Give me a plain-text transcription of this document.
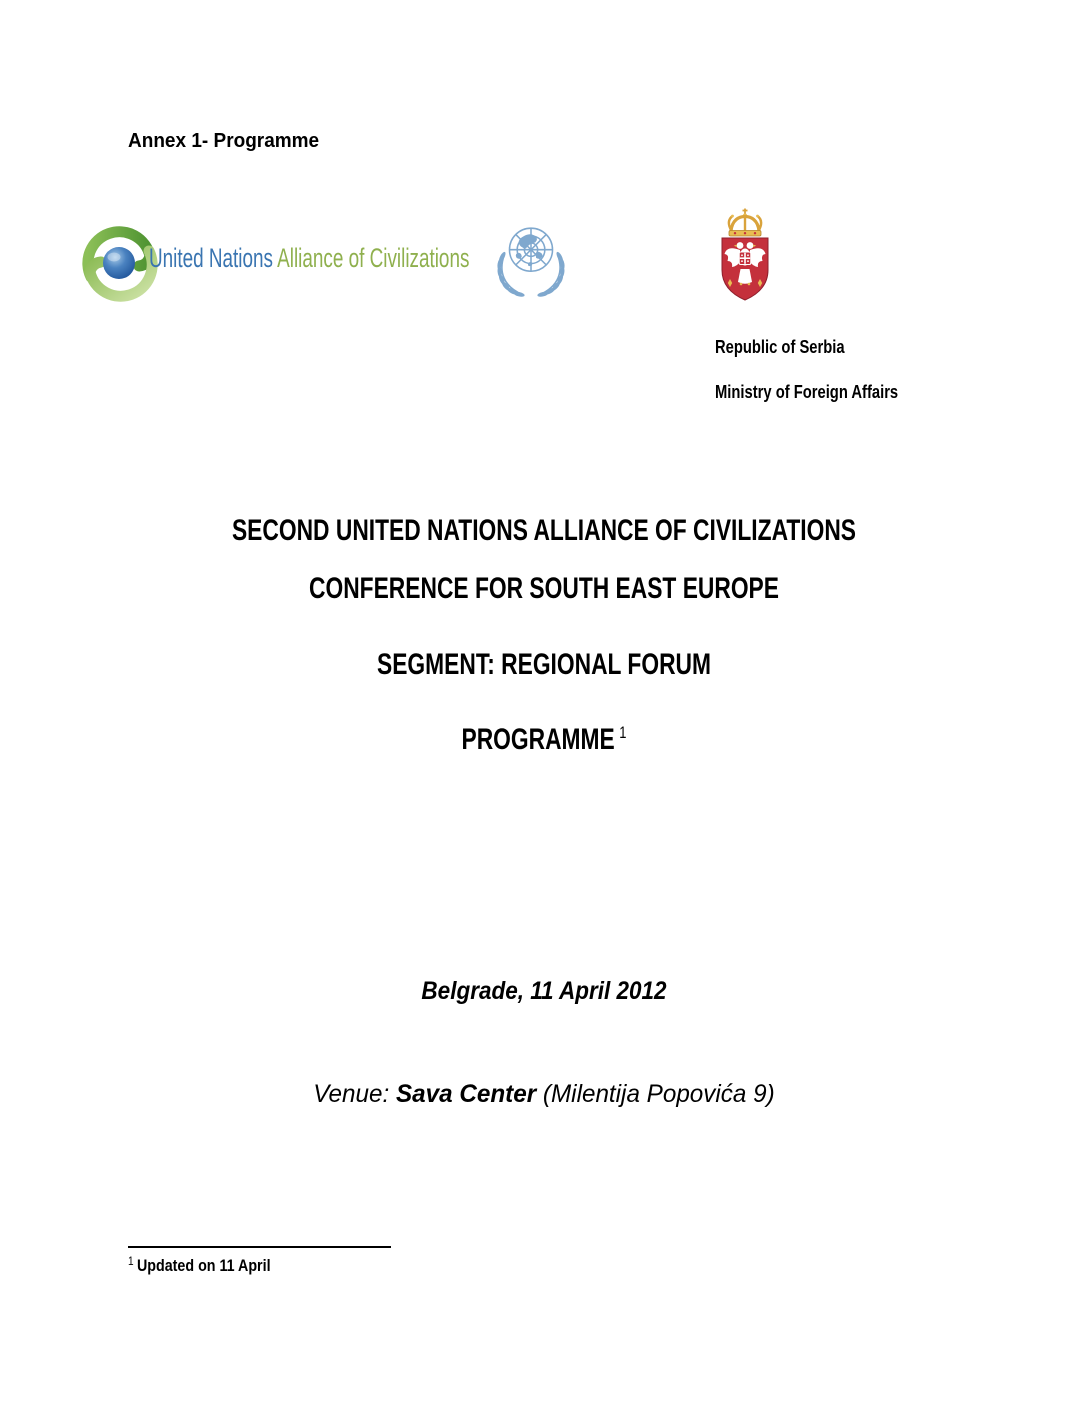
Annex 1- Programme
United Nations Alliance of Civilizations
Republic of Serbia
Ministry of Foreign Affairs
SECOND UNITED NATIONS ALLIANCE OF CIVILIZATIONS
CONFERENCE FOR SOUTH EAST EUROPE
SEGMENT: REGIONAL FORUM
PROGRAMME $^1$
Belgrade, 11 April 2012
Venue: Sava Center (Milentija Popovića 9)
$^1$ Updated on 11 April
